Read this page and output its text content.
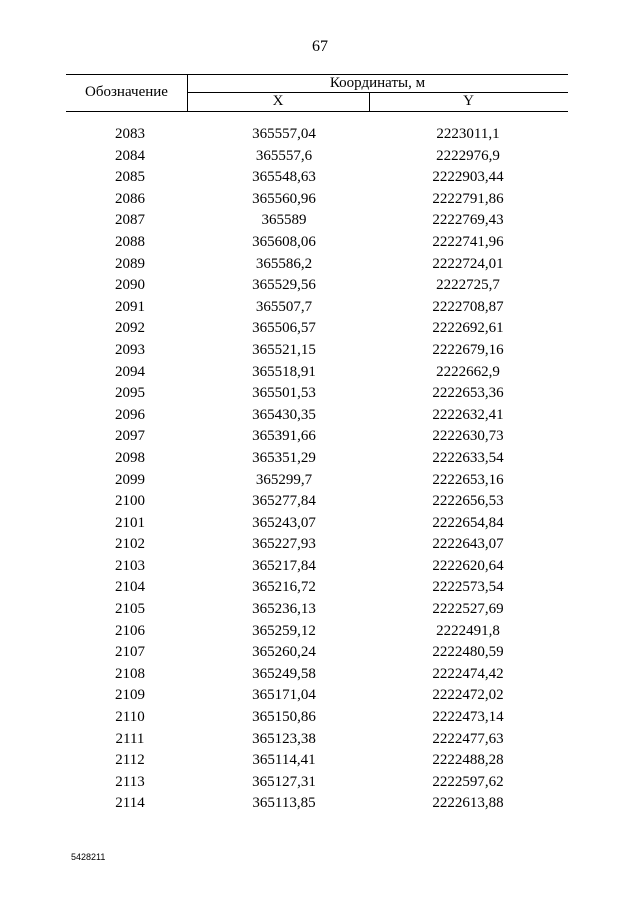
67
Обозначение
Координаты, м
X	Y
2083	365557,04	2223011,1
2084	365557,6	2222976,9
2085	365548,63	2222903,44
2086	365560,96	2222791,86
2087	365589	2222769,43
2088	365608,06	2222741,96
2089	365586,2	2222724,01
2090	365529,56	2222725,7
2091	365507,7	2222708,87
2092	365506,57	2222692,61
2093	365521,15	2222679,16
2094	365518,91	2222662,9
2095	365501,53	2222653,36
2096	365430,35	2222632,41
2097	365391,66	2222630,73
2098	365351,29	2222633,54
2099	365299,7	2222653,16
2100	365277,84	2222656,53
2101	365243,07	2222654,84
2102	365227,93	2222643,07
2103	365217,84	2222620,64
2104	365216,72	2222573,54
2105	365236,13	2222527,69
2106	365259,12	2222491,8
2107	365260,24	2222480,59
2108	365249,58	2222474,42
2109	365171,04	2222472,02
2110	365150,86	2222473,14
2111	365123,38	2222477,63
2112	365114,41	2222488,28
2113	365127,31	2222597,62
2114	365113,85	2222613,88
5428211
